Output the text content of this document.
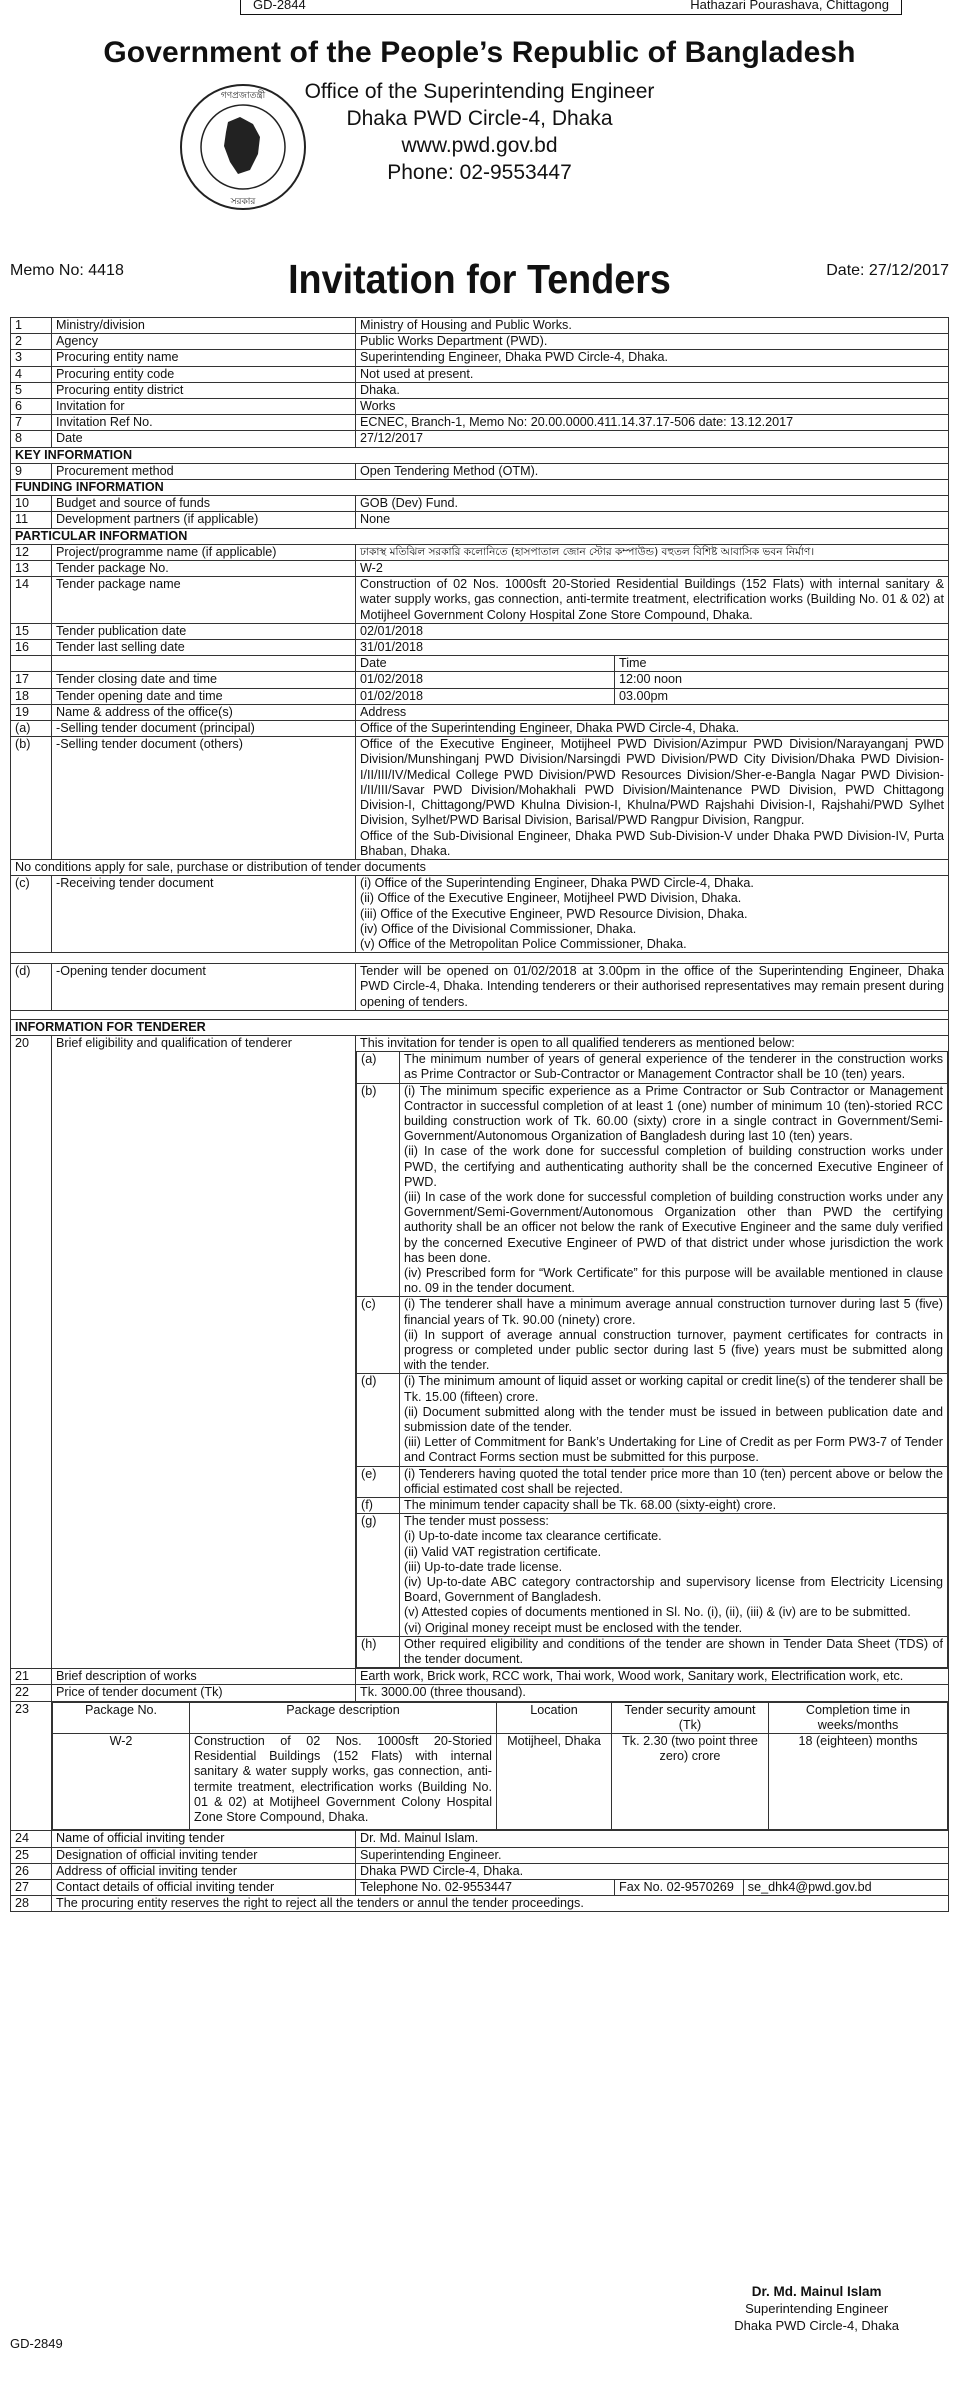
GD-2844	Hathazari Pourashava, Chittagong
Government of the People’s Republic of Bangladesh
গণপ্রজাতন্ত্রী
সরকার
Office of the Superintending Engineer
Dhaka PWD Circle-4, Dhaka
www.pwd.gov.bd
Phone: 02-9553447
Memo No: 4418	Date: 27/12/2017
Invitation for Tenders
1	Ministry/division	Ministry of Housing and Public Works.
2	Agency	Public Works Department (PWD).
3	Procuring entity name	Superintending Engineer, Dhaka PWD Circle-4, Dhaka.
4	Procuring entity code	Not used at present.
5	Procuring entity district	Dhaka.
6	Invitation for	Works
7	Invitation Ref No.	ECNEC, Branch-1, Memo No: 20.00.0000.411.14.37.17-506 date: 13.12.2017
8	Date	27/12/2017
KEY INFORMATION
9	Procurement method	Open Tendering Method (OTM).
FUNDING INFORMATION
10	Budget and source of funds	GOB (Dev) Fund.
11	Development partners (if applicable)	None
PARTICULAR INFORMATION
12	Project/programme name (if applicable)	ঢাকাস্থ মতিঝিল সরকারি কলোনিতে (হাসপাতাল জোন স্টোর কম্পাউন্ড) বহুতল বিশিষ্ট আবাসিক ভবন নির্মাণ।
13	Tender package No.	W-2
14	Tender package name	Construction of 02 Nos. 1000sft 20-Storied Residential Buildings (152 Flats) with internal sanitary & water supply works, gas connection, anti-termite treatment, electrification works (Building No. 01 & 02) at Motijheel Government Colony Hospital Zone Store Compound, Dhaka.
15	Tender publication date	02/01/2018
16	Tender last selling date	31/01/2018
		Date	Time
17	Tender closing date and time	01/02/2018	12:00 noon
18	Tender opening date and time	01/02/2018	03.00pm
19	Name & address of the office(s)	Address
(a)	-Selling tender document (principal)	Office of the Superintending Engineer, Dhaka PWD Circle-4, Dhaka.
(b)	-Selling tender document (others)	Office of the Executive Engineer, Motijheel PWD Division/Azimpur PWD Division/Narayanganj PWD Division/Munshinganj PWD Division/Narsingdi PWD Division/PWD City Division/Dhaka PWD Division-I/II/III/IV/Medical College PWD Division/PWD Resources Division/Sher-e-Bangla Nagar PWD Division-I/II/III/Savar PWD Division/Mohakhali PWD Division/Maintenance PWD Division, PWD Chittagong Division-I, Chittagong/PWD Khulna Division-I, Khulna/PWD Rajshahi Division-I, Rajshahi/PWD Sylhet Division, Sylhet/PWD Barisal Division, Barisal/PWD Rangpur Division, Rangpur.
Office of the Sub-Divisional Engineer, Dhaka PWD Sub-Division-V under Dhaka PWD Division-IV, Purta Bhaban, Dhaka.

No conditions apply for sale, purchase or distribution of tender documents
(c)	-Receiving tender document	(i) Office of the Superintending Engineer, Dhaka PWD Circle-4, Dhaka.
(ii) Office of the Executive Engineer, Motijheel PWD Division, Dhaka.
(iii) Office of the Executive Engineer, PWD Resource Division, Dhaka.
(iv) Office of the Divisional Commissioner, Dhaka.
(v) Office of the Metropolitan Police Commissioner, Dhaka.

(d)	-Opening tender document	Tender will be opened on 01/02/2018 at 3.00pm in the office of the Superintending Engineer, Dhaka PWD Circle-4, Dhaka. Intending tenderers or their authorised representatives may remain present during opening of tenders.

INFORMATION FOR TENDERER
20	Brief eligibility and qualification of tenderer	This invitation for tender is open to all qualified tenderers as mentioned below:
(a)	The minimum number of years of general experience of the tenderer in the construction works as Prime Contractor or Sub-Contractor or Management Contractor shall be 10 (ten) years.

(b)	(i) The minimum specific experience as a Prime Contractor or Sub Contractor or Management Contractor in successful completion of at least 1 (one) number of minimum 10 (ten)-storied RCC building construction work of Tk. 60.00 (sixty) crore in a single contract in Government/Semi-Government/Autonomous Organization of Bangladesh during last 10 (ten) years.
(ii) In case of the work done for successful completion of building construction works under PWD, the certifying and authenticating authority shall be the concerned Executive Engineer of PWD.
(iii) In case of the work done for successful completion of building construction works under any Government/Semi-Government/Autonomous Organization other than PWD the certifying authority shall be an officer not below the rank of Executive Engineer and the same duly verified by the concerned Executive Engineer of PWD of that district under whose jurisdiction the work has been done.
(iv) Prescribed form for “Work Certificate” for this purpose will be available mentioned in clause no. 09 in the tender document.

(c)	(i) The tenderer shall have a minimum average annual construction turnover during last 5 (five) financial years of Tk. 90.00 (ninety) crore.
(ii) In support of average annual construction turnover, payment certificates for contracts in progress or completed under public sector during last 5 (five) years must be submitted along with the tender.

(d)	(i) The minimum amount of liquid asset or working capital or credit line(s) of the tenderer shall be Tk. 15.00 (fifteen) crore.
(ii) Document submitted along with the tender must be issued in between publication date and submission date of the tender.
(iii) Letter of Commitment for Bank’s Undertaking for Line of Credit as per Form PW3-7 of Tender and Contract Forms section must be submitted for this purpose.

(e)	(i) Tenderers having quoted the total tender price more than 10 (ten) percent above or below the official estimated cost shall be rejected.

(f)	The minimum tender capacity shall be Tk. 68.00 (sixty-eight) crore.

(g)	The tender must possess:
(i) Up-to-date income tax clearance certificate.
(ii) Valid VAT registration certificate.
(iii) Up-to-date trade license.
(iv) Up-to-date ABC category contractorship and supervisory license from Electricity Licensing Board, Government of Bangladesh.
(v) Attested copies of documents mentioned in Sl. No. (i), (ii), (iii) & (iv) are to be submitted.
(vi) Original money receipt must be enclosed with the tender.

(h)	Other required eligibility and conditions of the tender are shown in Tender Data Sheet (TDS) of the tender document.

21	Brief description of works	Earth work, Brick work, RCC work, Thai work, Wood work, Sanitary work, Electrification work, etc.
22	Price of tender document (Tk)	Tk. 3000.00 (three thousand).
23		Package No.	Package description	Location	Tender security amount (Tk)	Completion time in weeks/months
W-2	Construction of 02 Nos. 1000sft 20-Storied Residential Buildings (152 Flats) with internal sanitary & water supply works, gas connection, anti-termite treatment, electrification works (Building No. 01 & 02) at Motijheel Government Colony Hospital Zone Store Compound, Dhaka.	Motijheel, Dhaka	Tk. 2.30 (two point three zero) crore	18 (eighteen) months

24	Name of official inviting tender	Dr. Md. Mainul Islam.
25	Designation of official inviting tender	Superintending Engineer.
26	Address of official inviting tender	Dhaka PWD Circle-4, Dhaka.
27	Contact details of official inviting tender	Telephone No. 02-9553447	Fax No. 02-9570269	se_dhk4@pwd.gov.bd
28	The procuring entity reserves the right to reject all the tenders or annul the tender proceedings.
Dr. Md. Mainul Islam
Superintending Engineer
Dhaka PWD Circle-4, Dhaka
GD-2849
